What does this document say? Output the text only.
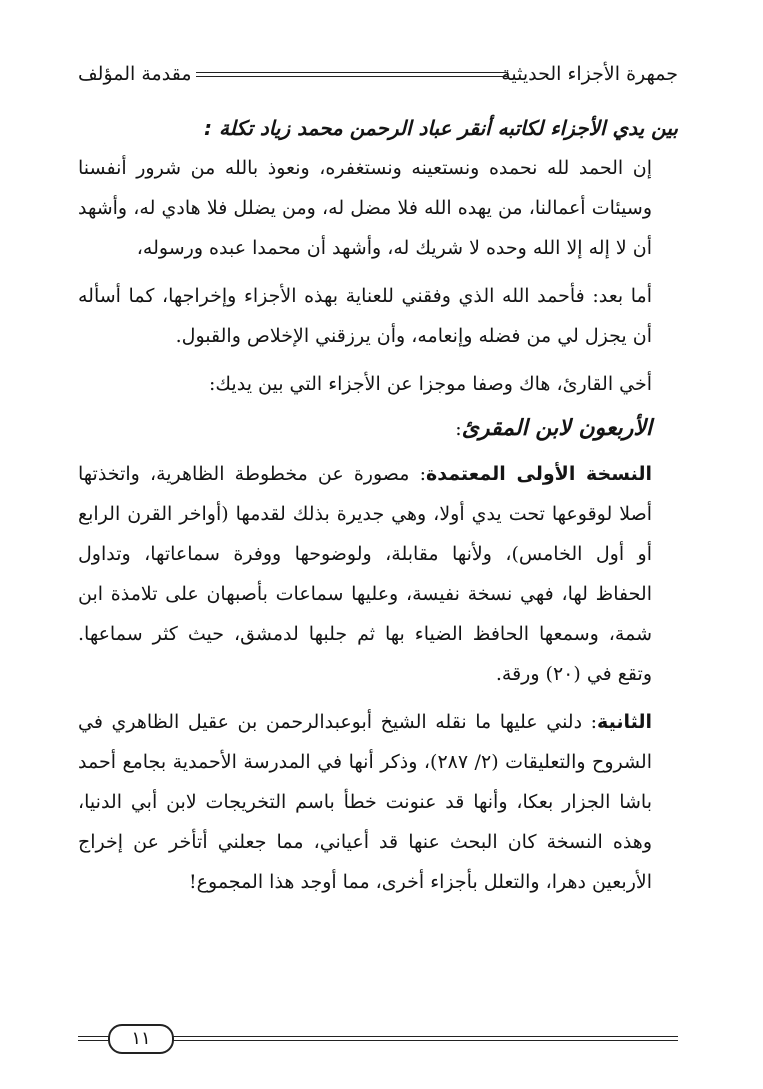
جمهرة الأجزاء الحديثية
مقدمة المؤلف

بين يدي الأجزاء لكاتبه أنقر عباد الرحمن محمد زياد تكلة :

إن الحمد لله نحمده ونستعينه ونستغفره، ونعوذ بالله من شرور أنفسنا وسيئات أعمالنا، من يهده الله فلا مضل له، ومن يضلل فلا هادي له، وأشهد أن لا إله إلا الله وحده لا شريك له، وأشهد أن محمدا عبده ورسوله،

أما بعد: فأحمد الله الذي وفقني للعناية بهذه الأجزاء وإخراجها، كما أسأله أن يجزل لي من فضله وإنعامه، وأن يرزقني الإخلاص والقبول.

أخي القارئ، هاك وصفا موجزا عن الأجزاء التي بين يديك:

الأربعون لابن المقرئ:

النسخة الأولى المعتمدة: مصورة عن مخطوطة الظاهرية، واتخذتها أصلا لوقوعها تحت يدي أولا، وهي جديرة بذلك لقدمها (أواخر القرن الرابع أو أول الخامس)، ولأنها مقابلة، ولوضوحها ووفرة سماعاتها، وتداول الحفاظ لها، فهي نسخة نفيسة، وعليها سماعات بأصبهان على تلامذة ابن شمة، وسمعها الحافظ الضياء بها ثم جلبها لدمشق، حيث كثر سماعها. وتقع في (٢٠) ورقة.

الثانية: دلني عليها ما نقله الشيخ أبوعبدالرحمن بن عقيل الظاهري في الشروح والتعليقات (٢/ ٢٨٧)، وذكر أنها في المدرسة الأحمدية بجامع أحمد باشا الجزار بعكا، وأنها قد عنونت خطأ باسم التخريجات لابن أبي الدنيا، وهذه النسخة كان البحث عنها قد أعياني، مما جعلني أتأخر عن إخراج الأربعين دهرا، والتعلل بأجزاء أخرى، مما أوجد هذا المجموع!

١١
